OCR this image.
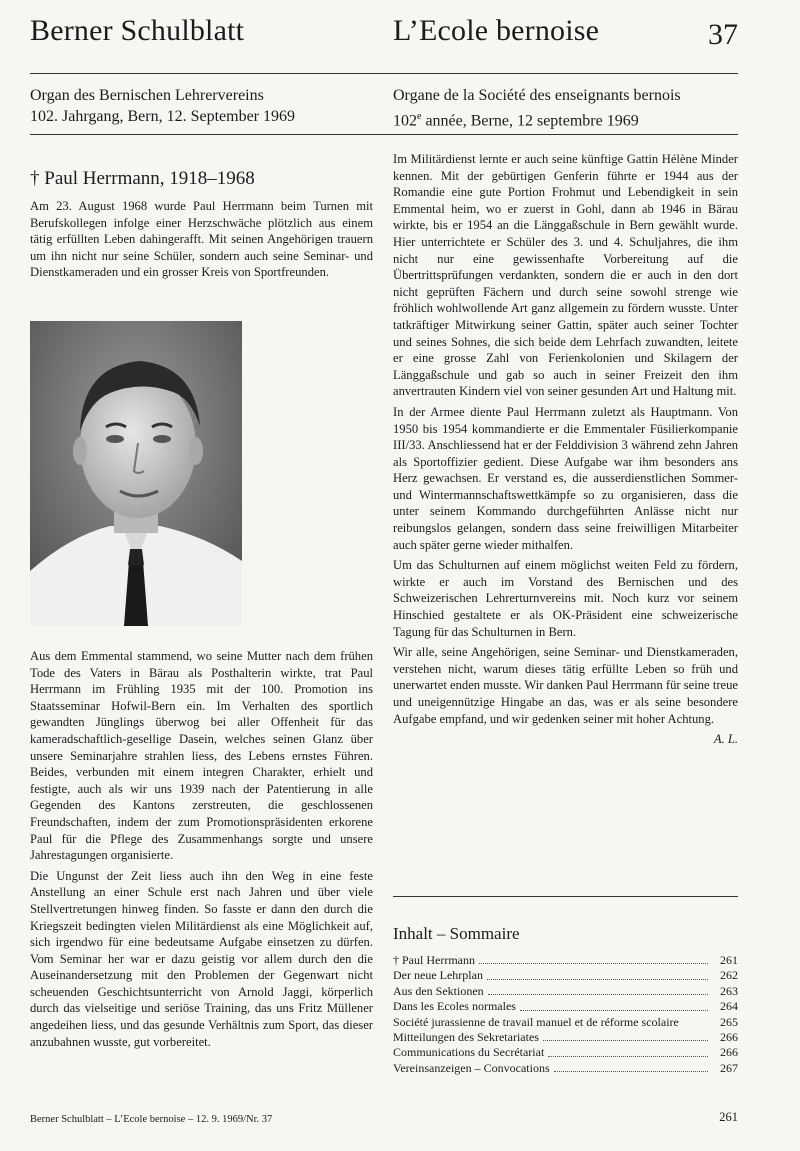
Berner Schulblatt	L’Ecole bernoise	37
Organ des Bernischen Lehrervereins
102. Jahrgang, Bern, 12. September 1969
Organe de la Société des enseignants bernois
102e année, Berne, 12 septembre 1969
† Paul Herrmann, 1918–1968

Am 23. August 1968 wurde Paul Herrmann beim Turnen mit Berufskollegen infolge einer Herzschwäche plötzlich aus einem tätig erfüllten Leben dahingerafft. Mit seinen Angehörigen trauern um ihn nicht nur seine Schüler, sondern auch seine Seminar- und Dienstkameraden und ein grosser Kreis von Sportfreunden.

Aus dem Emmental stammend, wo seine Mutter nach dem frühen Tode des Vaters in Bärau als Posthalterin wirkte, trat Paul Herrmann im Frühling 1935 mit der 100. Promotion ins Staatsseminar Hofwil-Bern ein. Im Verhalten des sportlich gewandten Jünglings überwog bei aller Offenheit für das kameradschaftlich-gesellige Dasein, welches seinen Glanz über unsere Seminarjahre strahlen liess, des Lebens ernstes Führen. Beides, verbunden mit einem integren Charakter, erhielt und festigte, auch als wir uns 1939 nach der Patentierung in alle Gegenden des Kantons zerstreuten, die geschlossenen Freundschaften, indem der zum Promotionspräsidenten erkorene Paul für die Pflege des Zusammenhangs sorgte und unsere Jahrestagungen organisierte.

Die Ungunst der Zeit liess auch ihn den Weg in eine feste Anstellung an einer Schule erst nach Jahren und über viele Stellvertretungen hinweg finden. So fasste er dann den durch die Kriegszeit bedingten vielen Militärdienst als eine Möglichkeit auf, sich irgendwo für eine bedeutsame Aufgabe einsetzen zu dürfen. Vom Seminar her war er dazu geistig vor allem durch den die Auseinandersetzung mit den Problemen der Gegenwart nicht scheuenden Geschichtsunterricht von Arnold Jaggi, körperlich durch das vielseitige und seriöse Training, das uns Fritz Müllener angedeihen liess, und das gesunde Verhältnis zum Sport, das dieser anzubahnen wusste, gut vorbereitet.

Im Militärdienst lernte er auch seine künftige Gattin Hélène Minder kennen. Mit der gebürtigen Genferin führte er 1944 aus der Romandie eine gute Portion Frohmut und Lebendigkeit in sein Emmental heim, wo er zuerst in Gohl, dann ab 1946 in Bärau wirkte, bis er 1954 an die Länggaßschule in Bern gewählt wurde. Hier unterrichtete er Schüler des 3. und 4. Schuljahres, die ihm nicht nur eine gewissenhafte Vorbereitung auf die Übertrittsprüfungen verdankten, sondern die er auch in den dort nicht geprüften Fächern und durch seine sowohl strenge wie fröhlich wohlwollende Art ganz allgemein zu fördern wusste. Unter tatkräftiger Mitwirkung seiner Gattin, später auch seiner Tochter und seines Sohnes, die sich beide dem Lehrfach zuwandten, leitete er eine grosse Zahl von Ferienkolonien und Skilagern der Länggaßschule und gab so auch in seiner Freizeit den ihm anvertrauten Kindern viel von seiner gesunden Art und Haltung mit.

In der Armee diente Paul Herrmann zuletzt als Hauptmann. Von 1950 bis 1954 kommandierte er die Emmentaler Füsilierkompanie III/33. Anschliessend hat er der Felddivision 3 während zehn Jahren als Sportoffizier gedient. Diese Aufgabe war ihm besonders ans Herz gewachsen. Er verstand es, die ausserdienstlichen Sommer- und Wintermannschaftswettkämpfe so zu organisieren, dass die unter seinem Kommando durchgeführten Anlässe nicht nur reibungslos gelangen, sondern dass seine freiwilligen Mitarbeiter auch später gerne wieder mithalfen.

Um das Schulturnen auf einem möglichst weiten Feld zu fördern, wirkte er auch im Vorstand des Bernischen und des Schweizerischen Lehrerturnvereins mit. Noch kurz vor seinem Hinschied gestaltete er als OK-Präsident eine schweizerische Tagung für das Schulturnen in Bern.

Wir alle, seine Angehörigen, seine Seminar- und Dienstkameraden, verstehen nicht, warum dieses tätig erfüllte Leben so früh und unerwartet enden musste. Wir danken Paul Herrmann für seine treue und uneigennützige Hingabe an das, was er als seine besondere Aufgabe empfand, und wir gedenken seiner mit hoher Achtung.

A. L.

Inhalt – Sommaire
† Paul Herrmann	261
Der neue Lehrplan	262
Aus den Sektionen	263
Dans les Ecoles normales	264
Société jurassienne de travail manuel et de réforme scolaire	265
Mitteilungen des Sekretariates	266
Communications du Secrétariat	266
Vereinsanzeigen – Convocations	267
Berner Schulblatt – L’Ecole bernoise – 12. 9. 1969/Nr. 37	261
